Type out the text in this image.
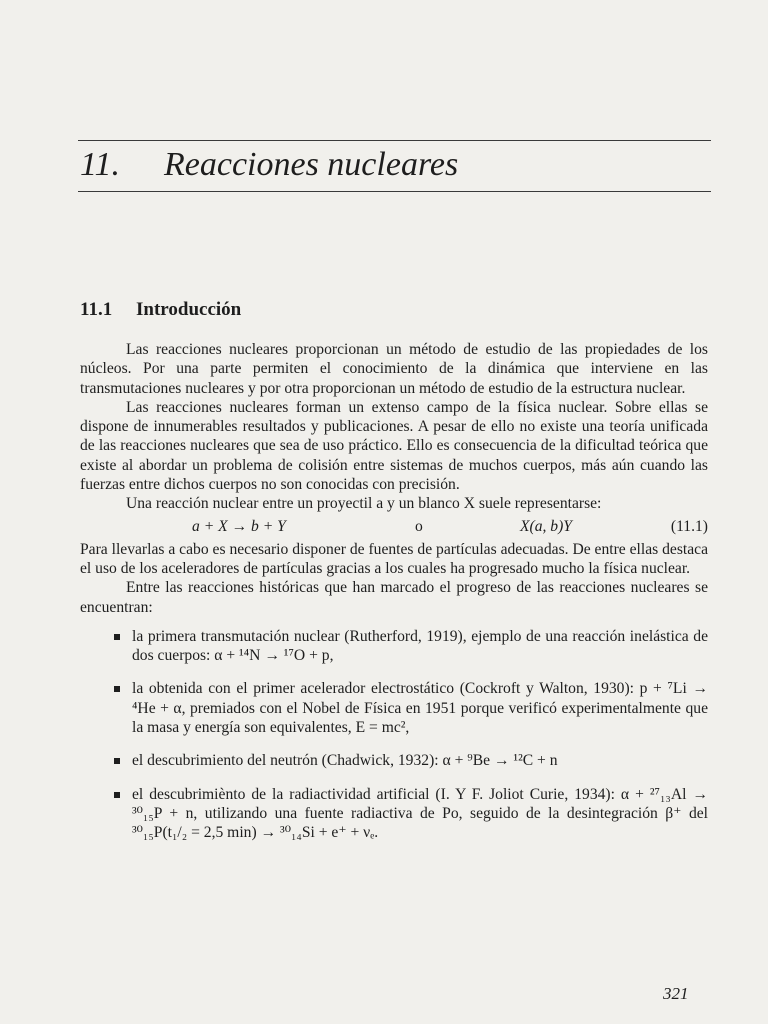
11. Reacciones nucleares
11.1 Introducción

Las reacciones nucleares proporcionan un método de estudio de las propiedades de los núcleos. Por una parte permiten el conocimiento de la dinámica que interviene en las transmutaciones nucleares y por otra proporcionan un método de estudio de la estructura nuclear.

Las reacciones nucleares forman un extenso campo de la física nuclear. Sobre ellas se dispone de innumerables resultados y publicaciones. A pesar de ello no existe una teoría unificada de las reacciones nucleares que sea de uso práctico. Ello es consecuencia de la dificultad teórica que existe al abordar un problema de colisión entre sistemas de muchos cuerpos, más aún cuando las fuerzas entre dichos cuerpos no son conocidas con precisión.

Una reacción nuclear entre un proyectil a y un blanco X suele representarse:

a + X → b + Y	o	X(a, b)Y	(11.1)

Para llevarlas a cabo es necesario disponer de fuentes de partículas adecuadas. De entre ellas destaca el uso de los aceleradores de partículas gracias a los cuales ha progresado mucho la física nuclear.

Entre las reacciones históricas que han marcado el progreso de las reacciones nucleares se encuentran:

la primera transmutación nuclear (Rutherford, 1919), ejemplo de una reacción inelástica de dos cuerpos: α + ¹⁴N → ¹⁷O + p,
la obtenida con el primer acelerador electrostático (Cockroft y Walton, 1930): p + ⁷Li → ⁴He + α, premiados con el Nobel de Física en 1951 porque verificó experimentalmente que la masa y energía son equivalentes, E = mc²,
el descubrimiento del neutrón (Chadwick, 1932): α + ⁹Be → ¹²C + n
el descubrimiènto de la radiactividad artificial (I. Y F. Joliot Curie, 1934): α + ²⁷₁₃Al → ³⁰₁₅P + n, utilizando una fuente radiactiva de Po, seguido de la desintegración β⁺ del ³⁰₁₅P(t₁/₂ = 2,5 min) → ³⁰₁₄Si + e⁺ + νₑ.
321
